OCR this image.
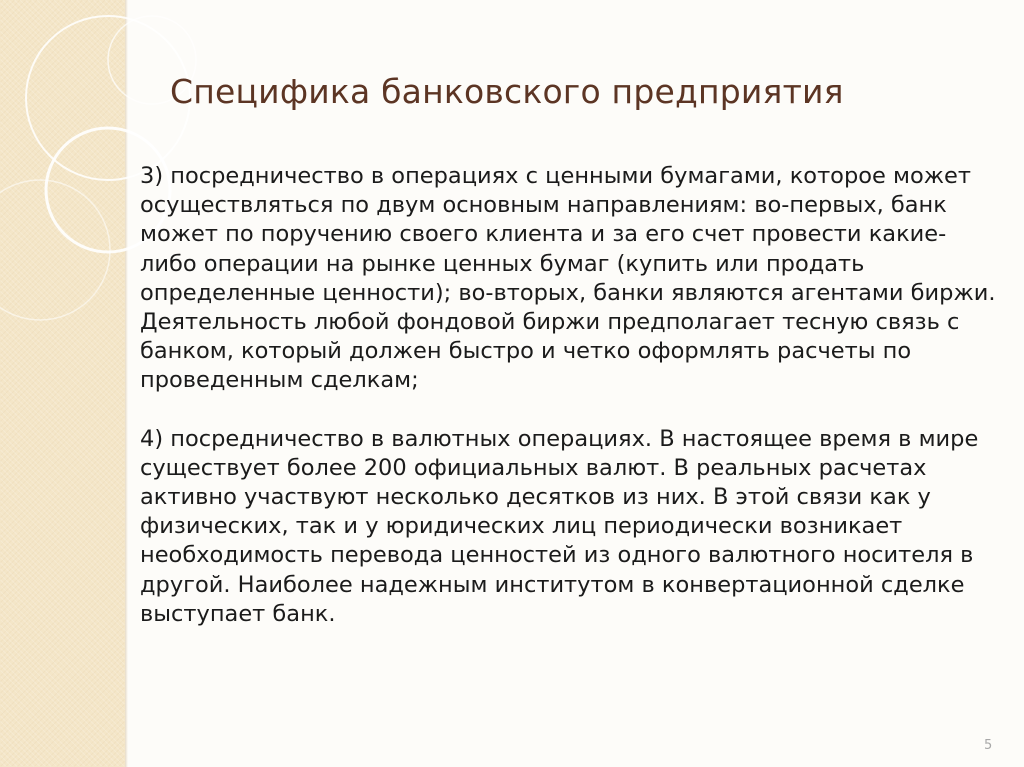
Специфика банковского предприятия

3) посредничество в операциях с ценными бумагами, которое может осуществляться по двум основным направлениям: во-первых, банк может по поручению своего клиента и за его счет провести какие-либо операции на рынке ценных бумаг (купить или продать определенные ценности); во-вторых, банки являются агентами биржи. Деятельность любой фондовой биржи предполагает тесную связь с банком, который должен быстро и четко оформлять расчеты по проведенным сделкам;

4) посредничество в валютных операциях. В настоящее время в мире существует более 200 официальных валют. В реальных расчетах активно участвуют несколько десятков из них. В этой связи как у физических, так и у юридических лиц периодически возникает необходимость перевода ценностей из одного валютного носителя в другой. Наиболее надежным институтом в конвертационной сделке выступает банк.

5
